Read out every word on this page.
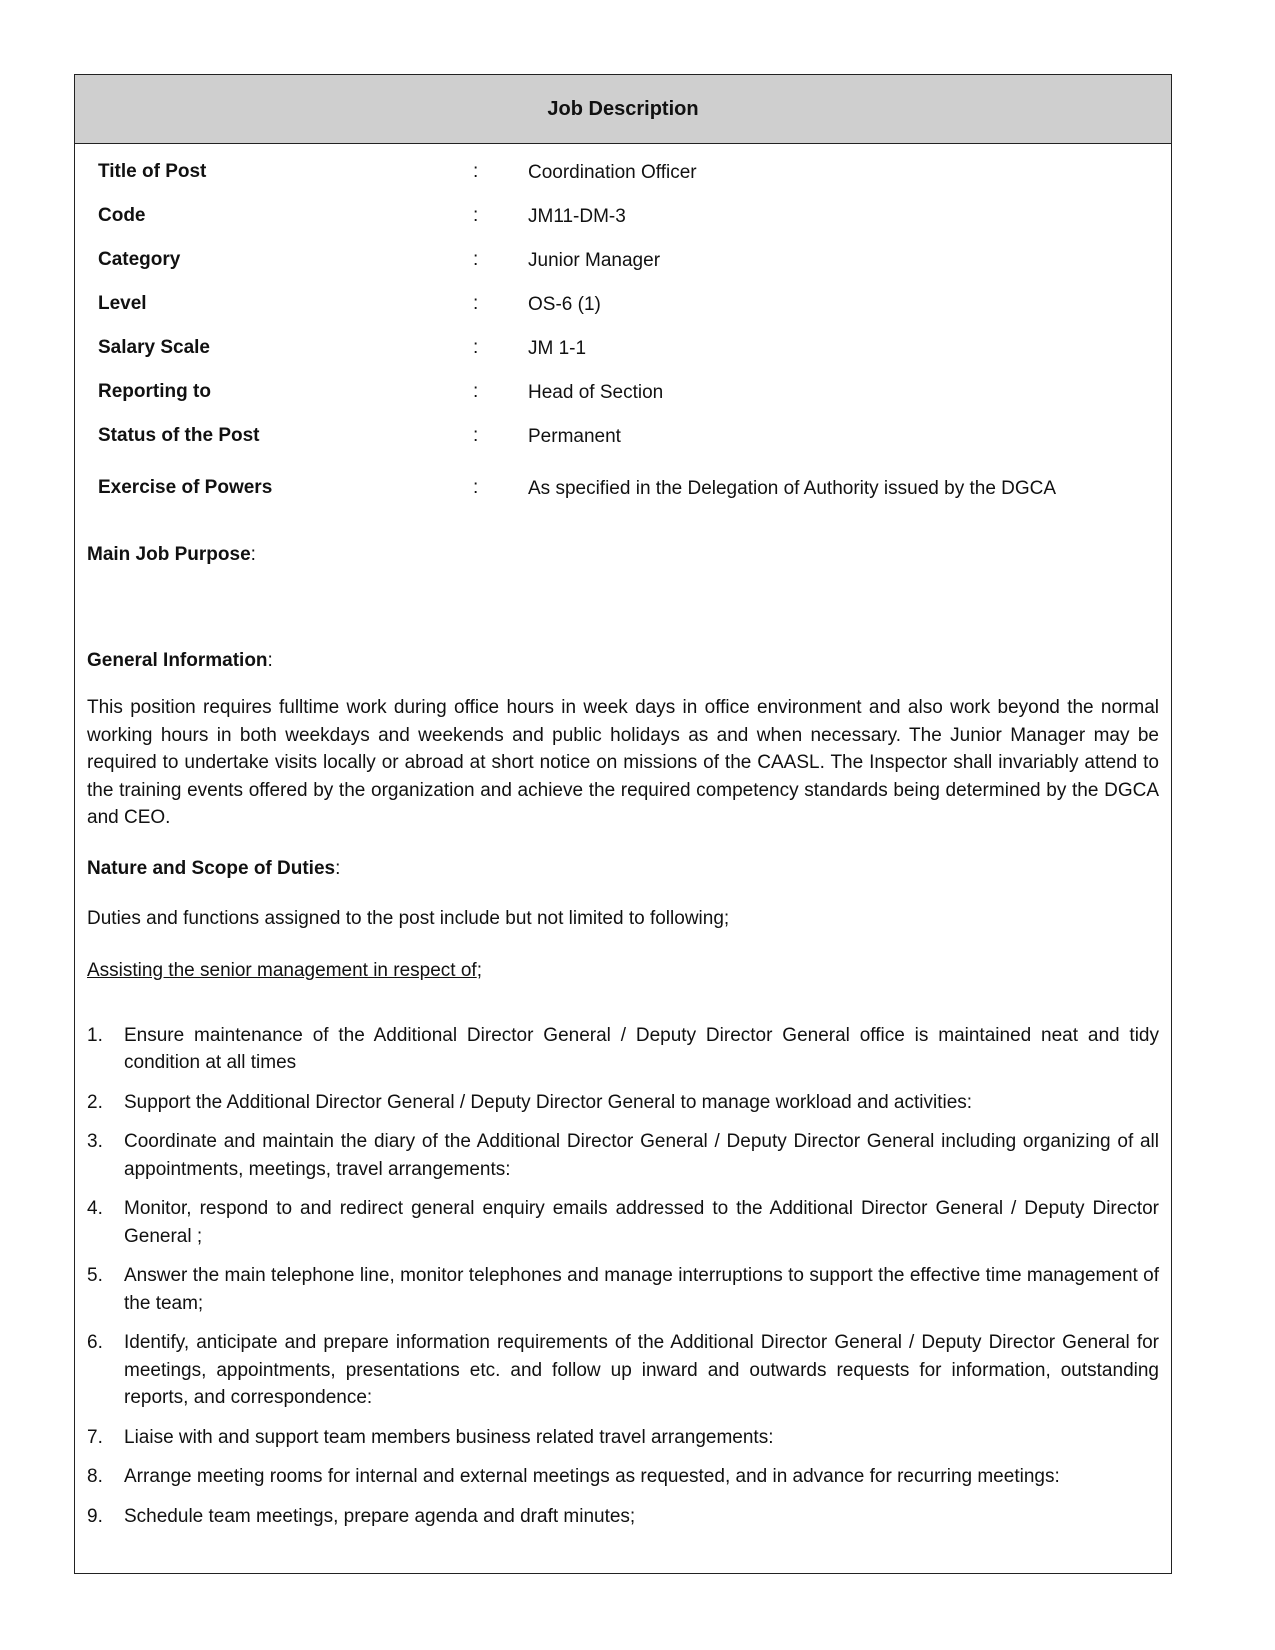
Job Description
Title of Post	:	Coordination Officer
Code	:	JM11-DM-3
Category	:	Junior Manager
Level	:	OS-6 (1)
Salary Scale	:	JM 1-1
Reporting to	:	Head of Section
Status of the Post	:	Permanent
Exercise of Powers	:	As specified in the Delegation of Authority issued by the DGCA
Main Job Purpose:
General Information:
This position requires fulltime work during office hours in week days in office environment and also work beyond the normal working hours in both weekdays and weekends and public holidays as and when necessary. The Junior Manager may be required to undertake visits locally or abroad at short notice on missions of the CAASL. The Inspector shall invariably attend to the training events offered by the organization and achieve the required competency standards being determined by the DGCA and CEO.
Nature and Scope of Duties:
Duties and functions assigned to the post include but not limited to following;
Assisting the senior management in respect of;
1.	Ensure maintenance of the Additional Director General / Deputy Director General office is maintained neat and tidy condition at all times
2.	Support the Additional Director General / Deputy Director General to manage workload and activities:
3.	Coordinate and maintain the diary of the Additional Director General / Deputy Director General including organizing of all appointments, meetings, travel arrangements:
4.	Monitor, respond to and redirect general enquiry emails addressed to the Additional Director General / Deputy Director General ;
5.	Answer the main telephone line, monitor telephones and manage interruptions to support the effective time management of the team;
6.	Identify, anticipate and prepare information requirements of the Additional Director General / Deputy Director General for meetings, appointments, presentations etc. and follow up inward and outwards requests for information, outstanding reports, and correspondence:
7.	Liaise with and support team members business related travel arrangements:
8.	Arrange meeting rooms for internal and external meetings as requested, and in advance for recurring meetings:
9.	Schedule team meetings, prepare agenda and draft minutes;
